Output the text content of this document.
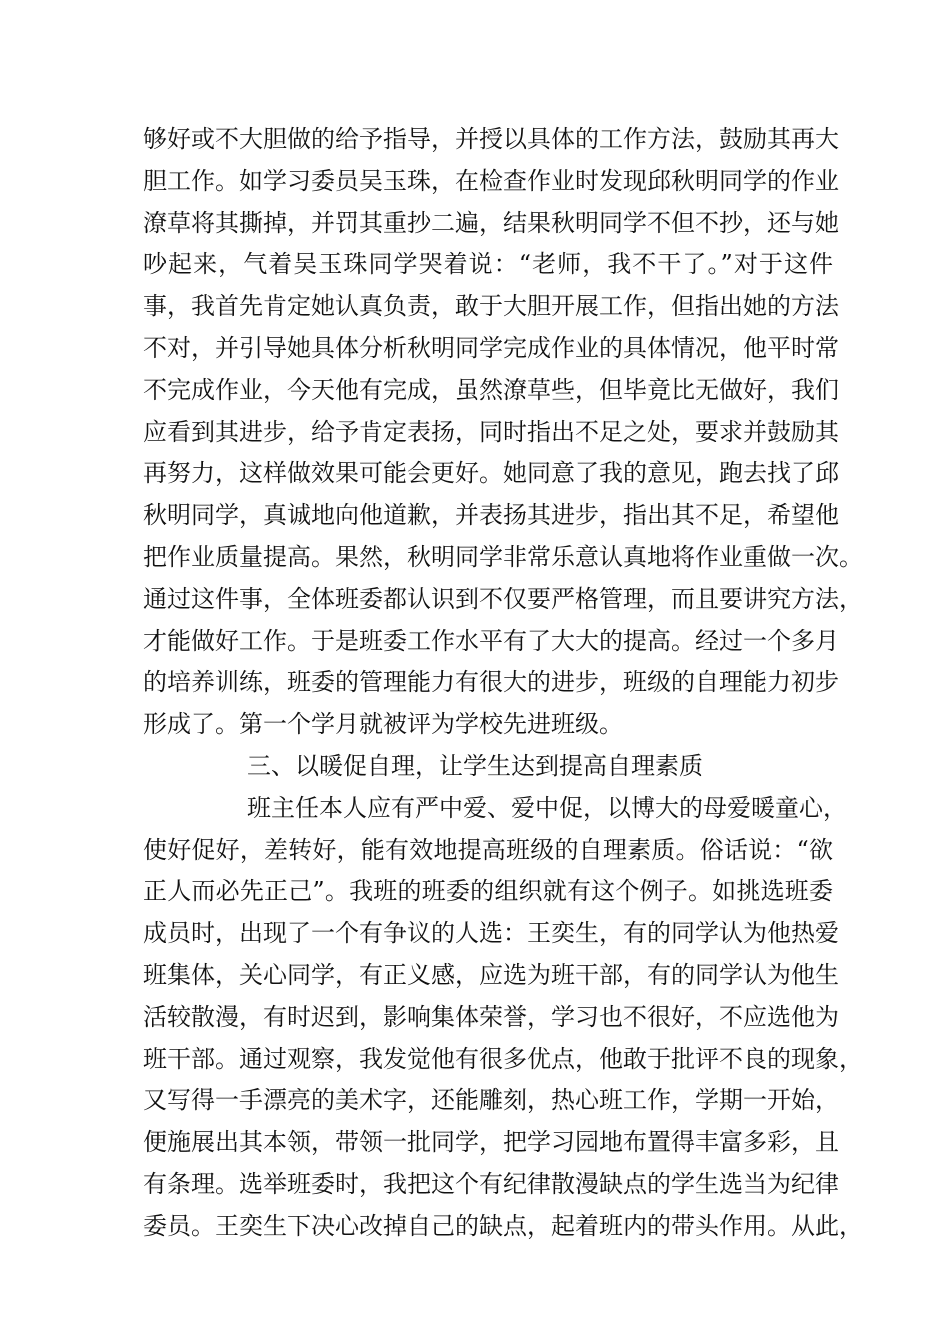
够好或不大胆做的给予指导，并授以具体的工作方法，鼓励其再大
胆工作。如学习委员吴玉珠，在检查作业时发现邱秋明同学的作业
潦草将其撕掉，并罚其重抄二遍，结果秋明同学不但不抄，还与她
吵起来，气着吴玉珠同学哭着说：“老师，我不干了。”对于这件
事，我首先肯定她认真负责，敢于大胆开展工作，但指出她的方法
不对，并引导她具体分析秋明同学完成作业的具体情况，他平时常
不完成作业，今天他有完成，虽然潦草些，但毕竟比无做好，我们
应看到其进步，给予肯定表扬，同时指出不足之处，要求并鼓励其
再努力，这样做效果可能会更好。她同意了我的意见，跑去找了邱
秋明同学，真诚地向他道歉，并表扬其进步，指出其不足，希望他
把作业质量提高。果然，秋明同学非常乐意认真地将作业重做一次。
通过这件事，全体班委都认识到不仅要严格管理，而且要讲究方法，
才能做好工作。于是班委工作水平有了大大的提高。经过一个多月
的培养训练，班委的管理能力有很大的进步，班级的自理能力初步
形成了。第一个学月就被评为学校先进班级。
三、以暖促自理，让学生达到提高自理素质
班主任本人应有严中爱、爱中促，以博大的母爱暖童心，
使好促好，差转好，能有效地提高班级的自理素质。俗话说：“欲
正人而必先正己”。我班的班委的组织就有这个例子。如挑选班委
成员时，出现了一个有争议的人选：王奕生，有的同学认为他热爱
班集体，关心同学，有正义感，应选为班干部，有的同学认为他生
活较散漫，有时迟到，影响集体荣誉，学习也不很好，不应选他为
班干部。通过观察，我发觉他有很多优点，他敢于批评不良的现象，
又写得一手漂亮的美术字，还能雕刻，热心班工作，学期一开始，
便施展出其本领，带领一批同学，把学习园地布置得丰富多彩，且
有条理。选举班委时，我把这个有纪律散漫缺点的学生选当为纪律
委员。王奕生下决心改掉自己的缺点，起着班内的带头作用。从此，
